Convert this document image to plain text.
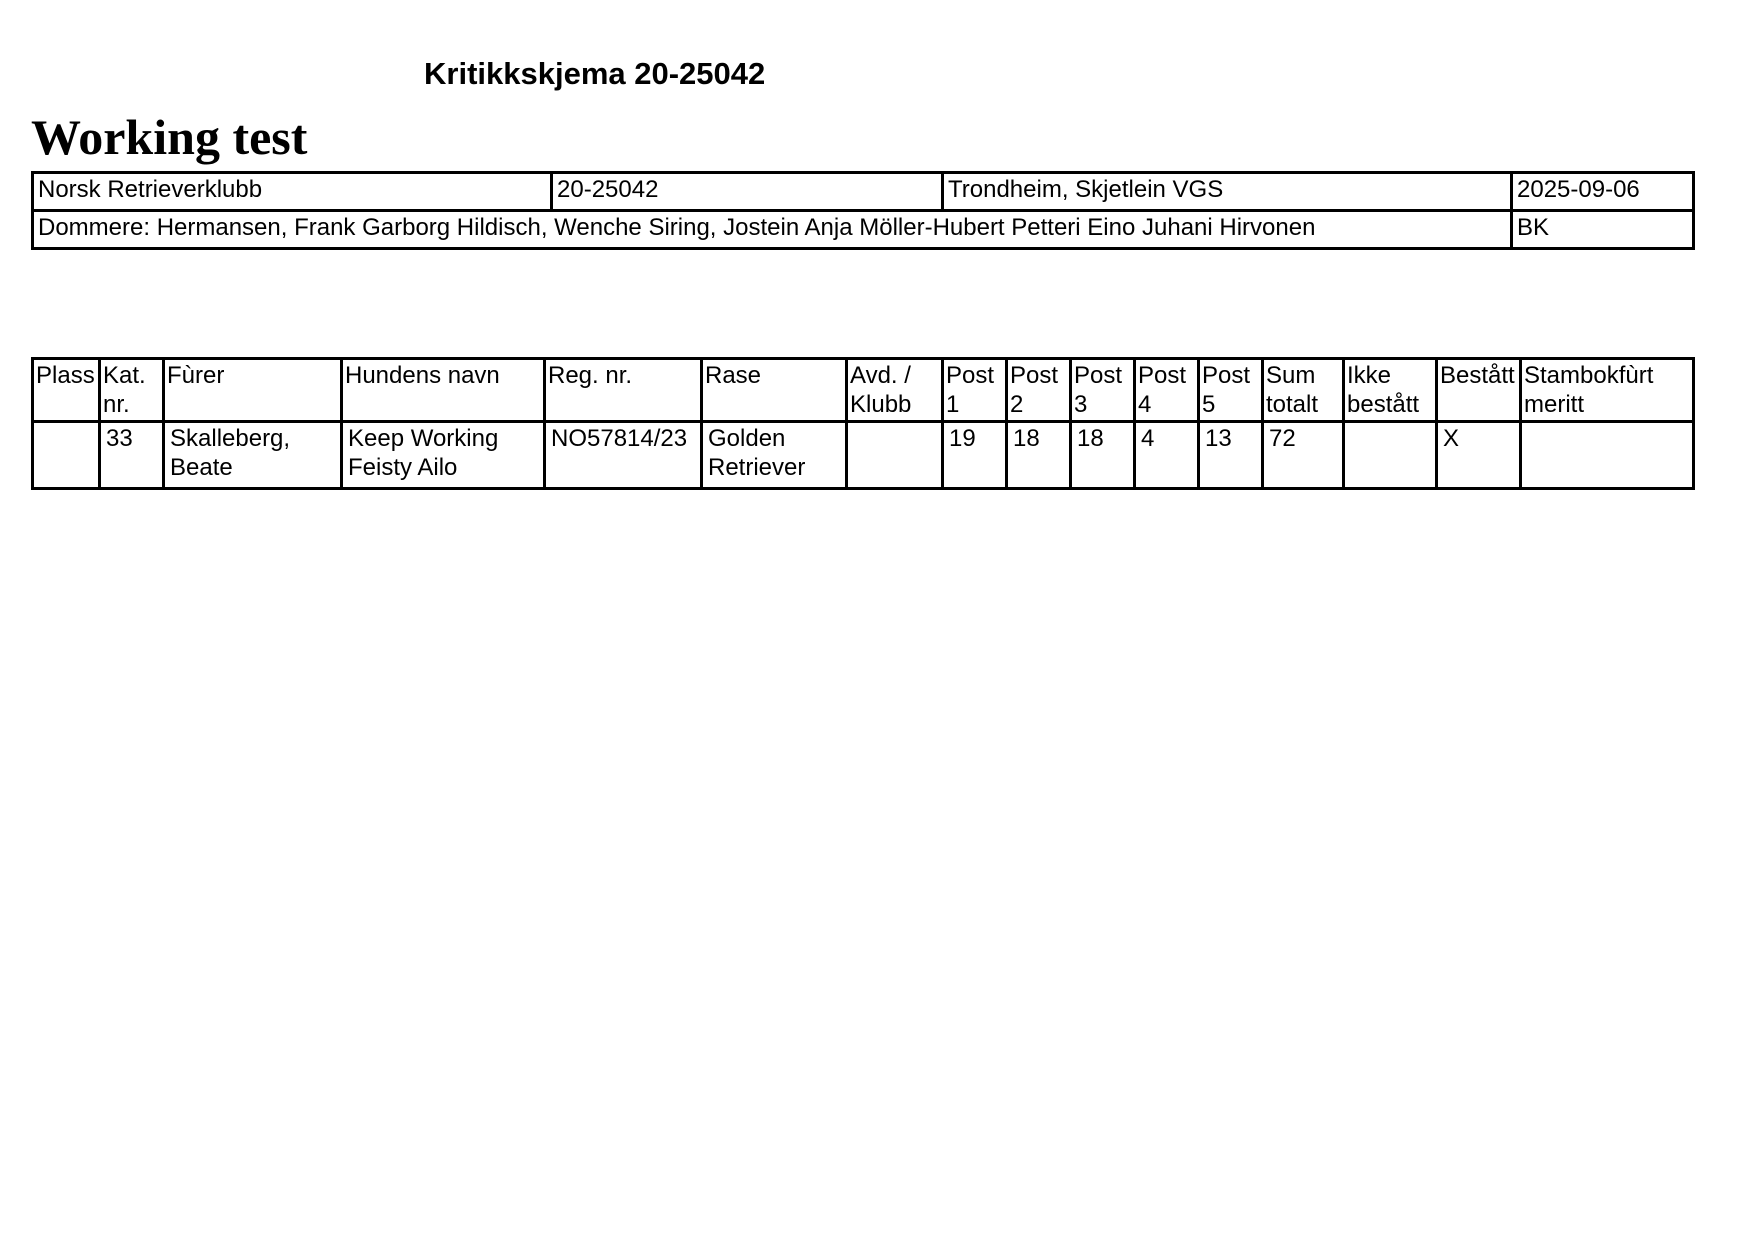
Kritikkskjema 20-25042
Working test
Norsk Retrieverklubb	20-25042	Trondheim, Skjetlein VGS	2025-09-06
Dommere: Hermansen, Frank Garborg Hildisch, Wenche Siring, Jostein Anja Möller-Hubert Petteri Eino Juhani Hirvonen			BK
Plass	Kat. nr.	Fùrer	Hundens navn	Reg. nr.	Rase	Avd. / Klubb	Post 1	Post 2	Post 3	Post 4	Post 5	Sum totalt	Ikke bestått	Bestått	Stambokfùrt meritt
	33	Skalleberg, Beate	Keep Working Feisty Ailo	NO57814/23	Golden Retriever		19	18	18	4	13	72		X	
